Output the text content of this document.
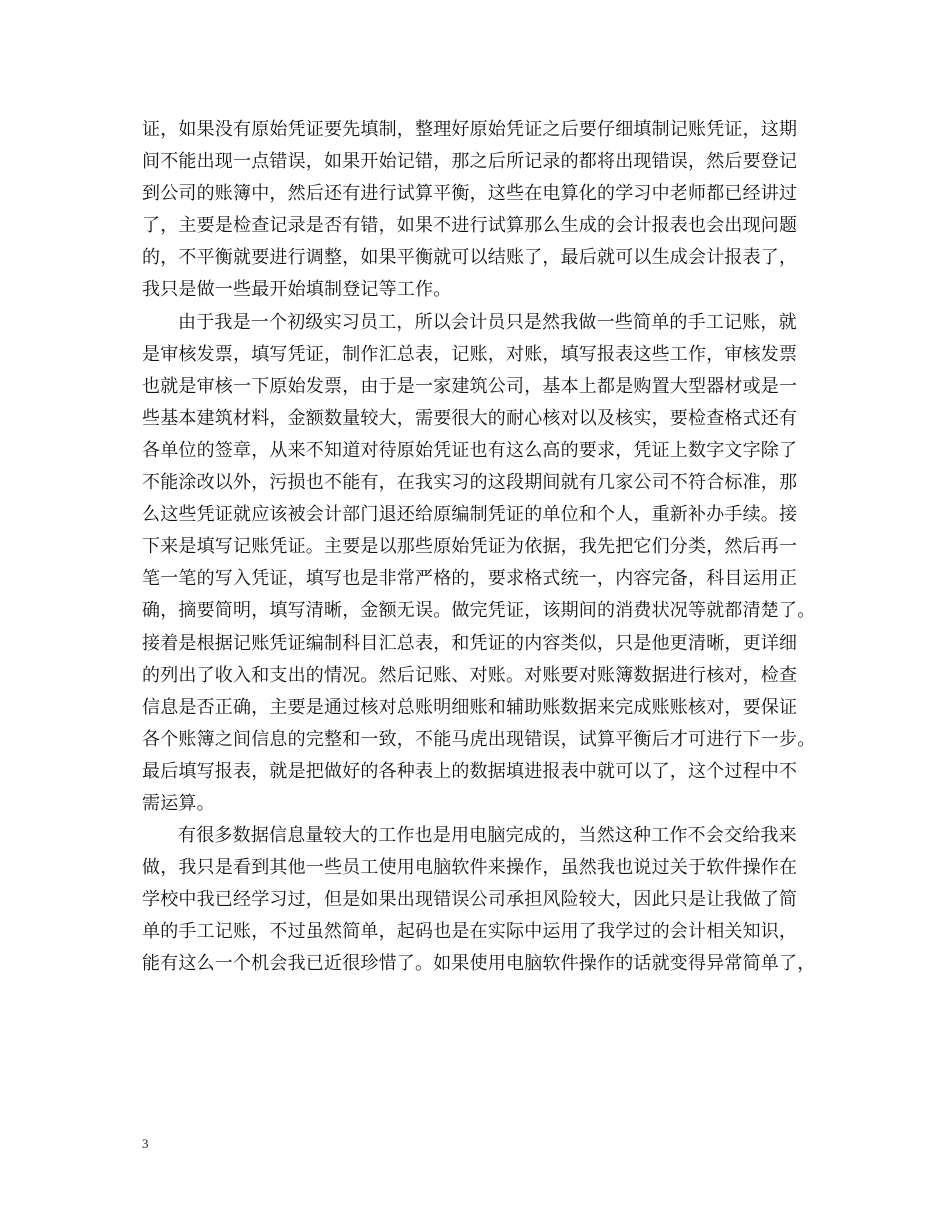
证，如果没有原始凭证要先填制，整理好原始凭证之后要仔细填制记账凭证，这期
间不能出现一点错误，如果开始记错，那之后所记录的都将出现错误，然后要登记
到公司的账簿中，然后还有进行试算平衡，这些在电算化的学习中老师都已经讲过
了，主要是检查记录是否有错，如果不进行试算那么生成的会计报表也会出现问题
的，不平衡就要进行调整，如果平衡就可以结账了，最后就可以生成会计报表了，
我只是做一些最开始填制登记等工作。
由于我是一个初级实习员工，所以会计员只是然我做一些简单的手工记账，就
是审核发票，填写凭证，制作汇总表，记账，对账，填写报表这些工作，审核发票
也就是审核一下原始发票，由于是一家建筑公司，基本上都是购置大型器材或是一
些基本建筑材料，金额数量较大，需要很大的耐心核对以及核实，要检查格式还有
各单位的签章，从来不知道对待原始凭证也有这么高的要求，凭证上数字文字除了
不能涂改以外，污损也不能有，在我实习的这段期间就有几家公司不符合标准，那
么这些凭证就应该被会计部门退还给原编制凭证的单位和个人，重新补办手续。接
下来是填写记账凭证。主要是以那些原始凭证为依据，我先把它们分类，然后再一
笔一笔的写入凭证，填写也是非常严格的，要求格式统一，内容完备，科目运用正
确，摘要简明，填写清晰，金额无误。做完凭证，该期间的消费状况等就都清楚了。
接着是根据记账凭证编制科目汇总表，和凭证的内容类似，只是他更清晰，更详细
的列出了收入和支出的情况。然后记账、对账。对账要对账簿数据进行核对，检查
信息是否正确，主要是通过核对总账明细账和辅助账数据来完成账账核对，要保证
各个账簿之间信息的完整和一致，不能马虎出现错误，试算平衡后才可进行下一步。
最后填写报表，就是把做好的各种表上的数据填进报表中就可以了，这个过程中不
需运算。
有很多数据信息量较大的工作也是用电脑完成的，当然这种工作不会交给我来
做，我只是看到其他一些员工使用电脑软件来操作，虽然我也说过关于软件操作在
学校中我已经学习过，但是如果出现错误公司承担风险较大，因此只是让我做了简
单的手工记账，不过虽然简单，起码也是在实际中运用了我学过的会计相关知识，
能有这么一个机会我已近很珍惜了。如果使用电脑软件操作的话就变得异常简单了，
3
